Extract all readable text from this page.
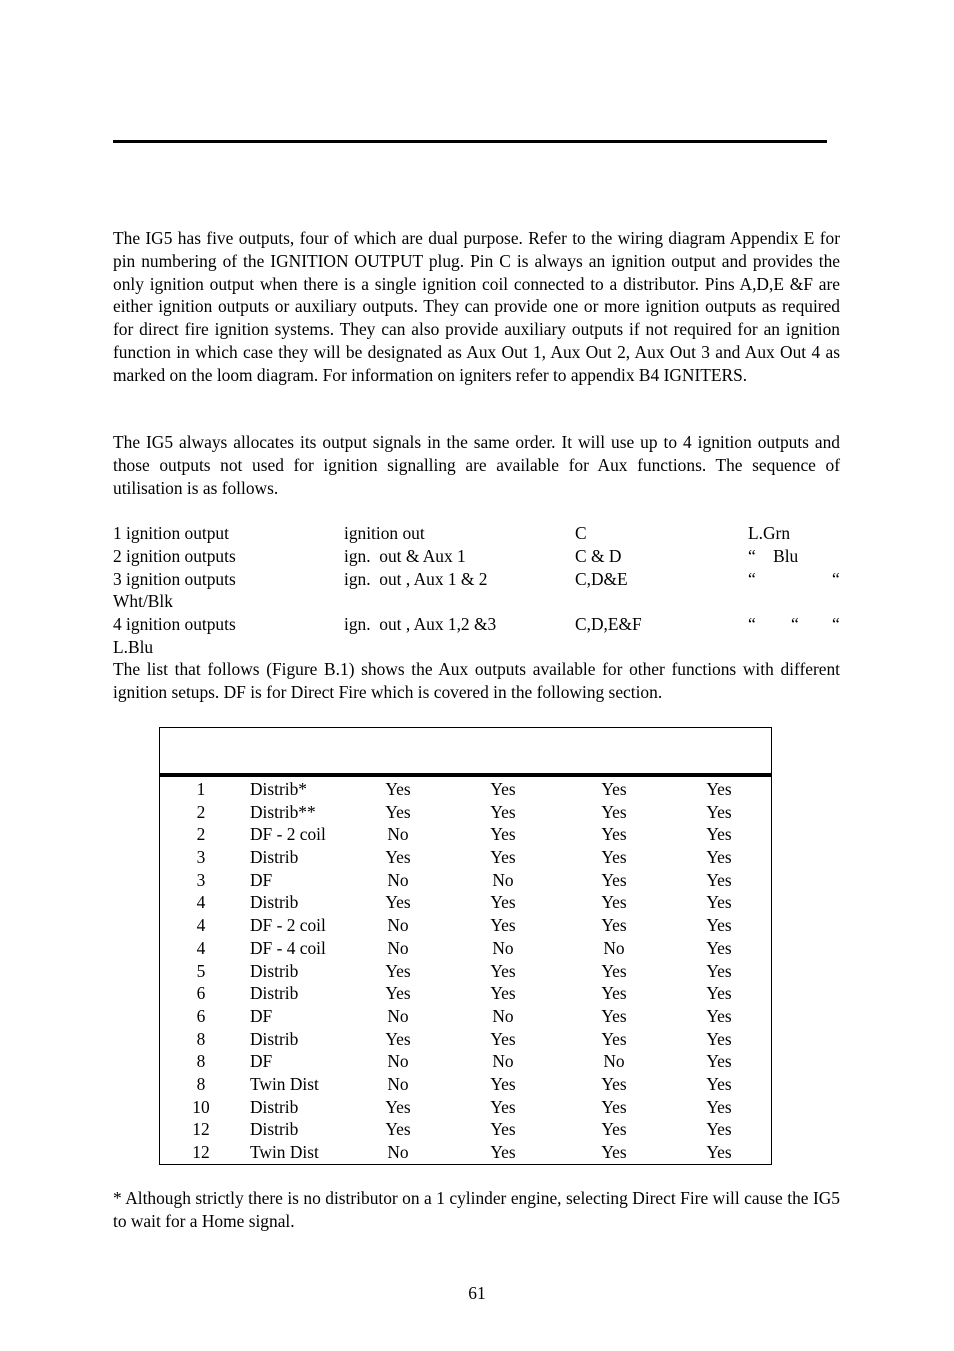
The IG5 has five outputs, four of which are dual purpose. Refer to the wiring diagram Appendix E for pin numbering of the IGNITION OUTPUT plug. Pin C is always an ignition output and provides the only ignition output when there is a single ignition coil connected to a distributor. Pins A,D,E &F are either ignition outputs or auxiliary outputs. They can provide one or more ignition outputs as required for direct fire ignition systems. They can also provide auxiliary outputs if not required for an ignition function in which case they will be designated as Aux Out 1, Aux Out 2, Aux Out 3 and Aux Out 4 as marked on the loom diagram. For information on igniters refer to appendix B4 IGNITERS.

The IG5 always allocates its output signals in the same order. It will use up to 4 ignition outputs and those outputs not used for ignition signalling are available for Aux functions. The sequence of utilisation is as follows.

1 ignition output	ignition out	C	L.Grn
2 ignition outputs	ign.  out & Aux 1	C & D	“    Blu
3 ignition outputs	ign.  out , Aux 1 & 2	C,D&E	“	“
Wht/Blk
4 ignition outputs	ign.  out , Aux 1,2 &3	C,D,E&F	“ “ “
L.Blu

The list that follows (Figure B.1) shows the Aux outputs available for other functions with different ignition setups. DF is for Direct Fire which is covered in the following section.

1	Distrib*	Yes	Yes	Yes	Yes
2	Distrib**	Yes	Yes	Yes	Yes
2	DF - 2 coil	No	Yes	Yes	Yes
3	Distrib	Yes	Yes	Yes	Yes
3	DF	No	No	Yes	Yes
4	Distrib	Yes	Yes	Yes	Yes
4	DF - 2 coil	No	Yes	Yes	Yes
4	DF - 4 coil	No	No	No	Yes
5	Distrib	Yes	Yes	Yes	Yes
6	Distrib	Yes	Yes	Yes	Yes
6	DF	No	No	Yes	Yes
8	Distrib	Yes	Yes	Yes	Yes
8	DF	No	No	No	Yes
8	Twin Dist	No	Yes	Yes	Yes
10	Distrib	Yes	Yes	Yes	Yes
12	Distrib	Yes	Yes	Yes	Yes
12	Twin Dist	No	Yes	Yes	Yes

* Although strictly there is no distributor on a 1 cylinder engine, selecting Direct Fire will cause the IG5 to wait for a Home signal.

61
